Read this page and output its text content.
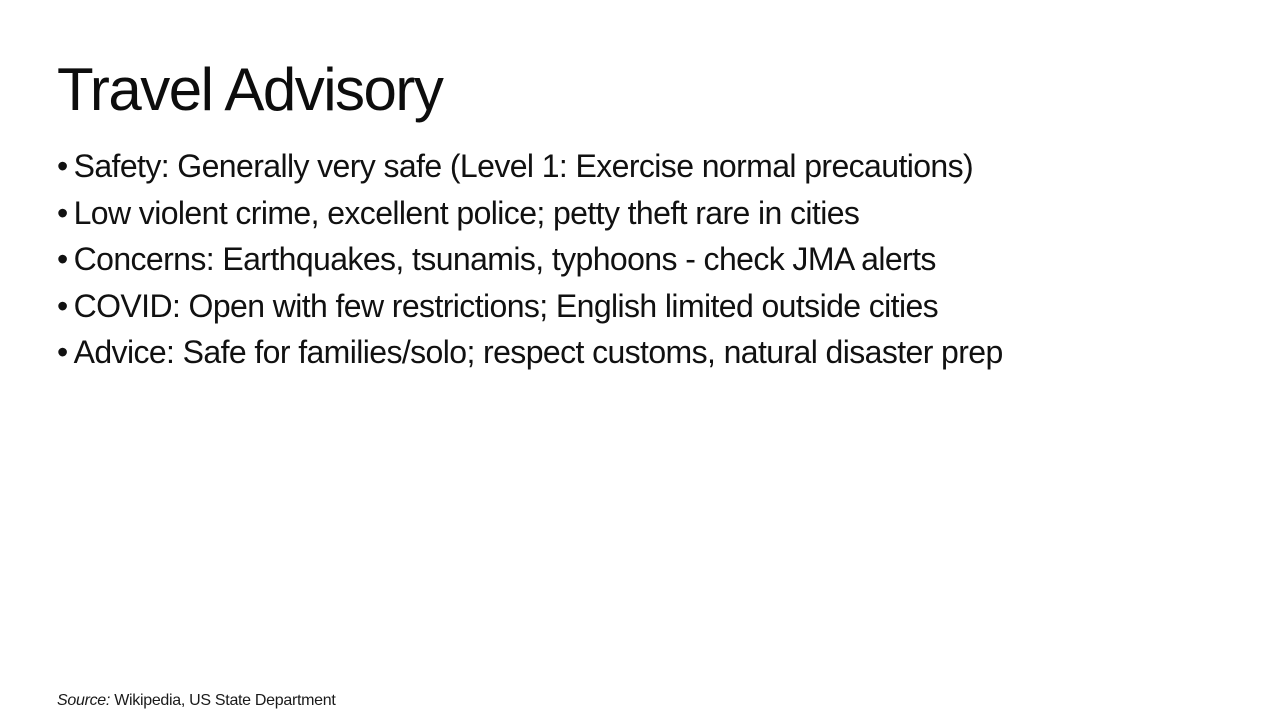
Travel Advisory
• Safety: Generally very safe (Level 1: Exercise normal precautions)
• Low violent crime, excellent police; petty theft rare in cities
• Concerns: Earthquakes, tsunamis, typhoons - check JMA alerts
• COVID: Open with few restrictions; English limited outside cities
• Advice: Safe for families/solo; respect customs, natural disaster prep
Source: Wikipedia, US State Department
